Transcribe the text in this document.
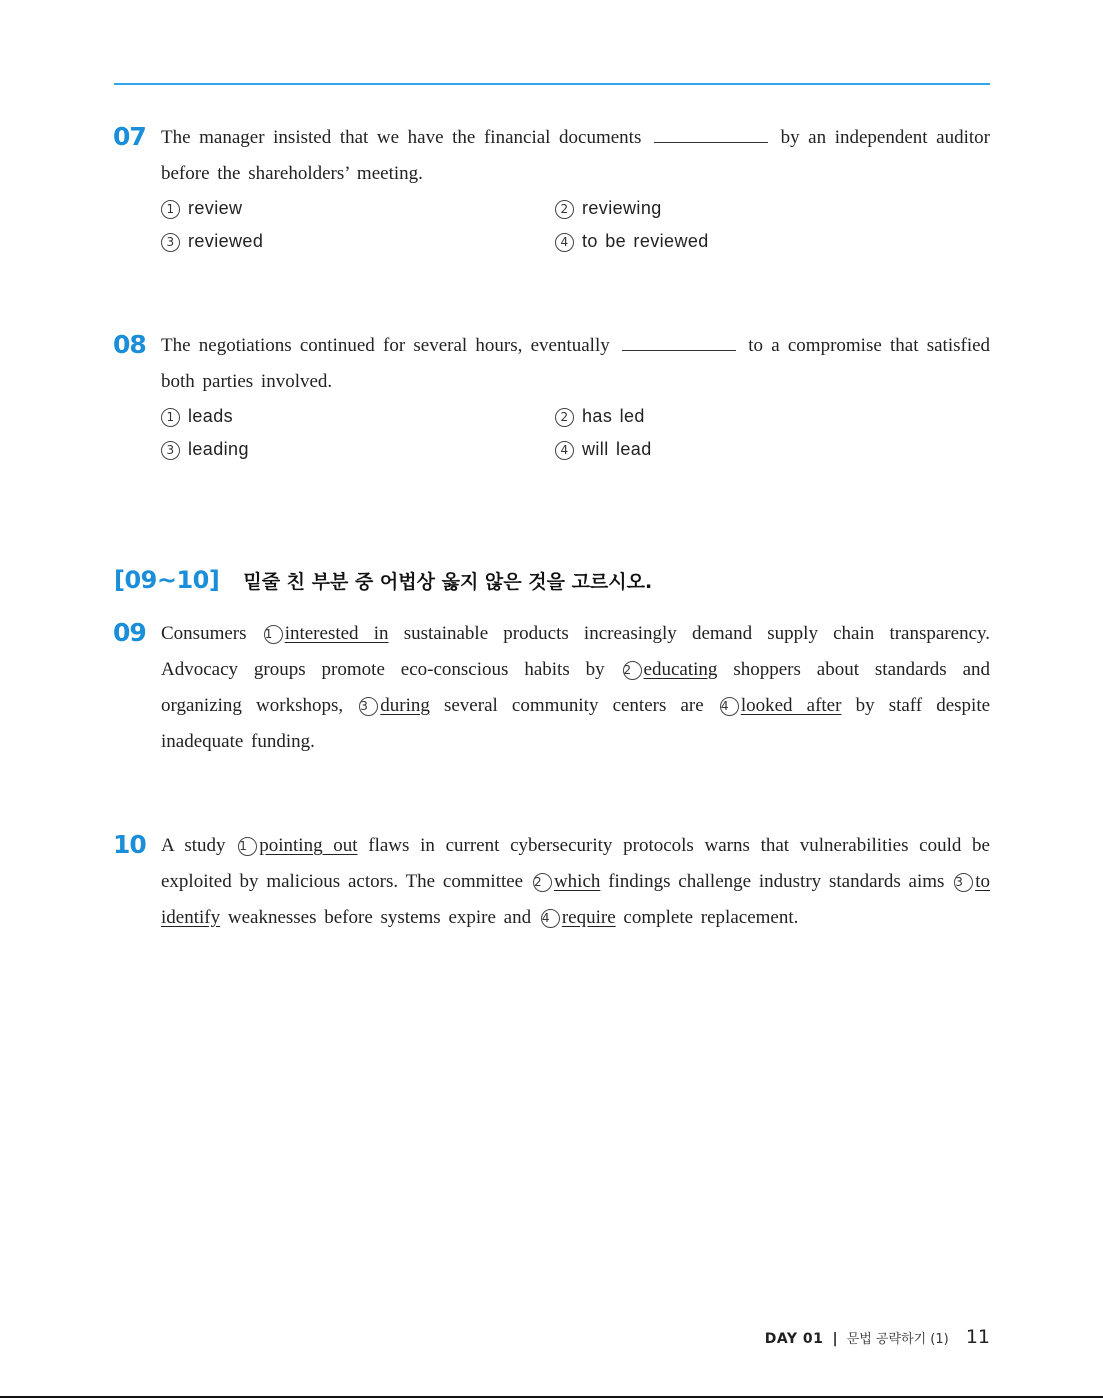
07 The manager insisted that we have the financial documents	by an independent auditor before the shareholders’ meeting.
1 review	2 reviewing
3 reviewed	4 to be reviewed
08 The negotiations continued for several hours, eventually	to a compromise that satisfied both parties involved.
1 leads	2 has led
3 leading	4 will lead
[09~10] 밑줄 친 부분 중 어법상 옳지 않은 것을 고르시오.
09 Consumers 1 interested in sustainable products increasingly demand supply chain transparency. Advocacy groups promote eco-conscious habits by 2 educating shoppers about standards and organizing workshops, 3 during several community centers are 4 looked after by staff despite inadequate funding.
10 A study 1 pointing out flaws in current cybersecurity protocols warns that vulnerabilities could be exploited by malicious actors. The committee 2 which findings challenge industry standards aims 3 to identify weaknesses before systems expire and 4 require complete replacement.
DAY 01 | 문법 공략하기 (1) 11
